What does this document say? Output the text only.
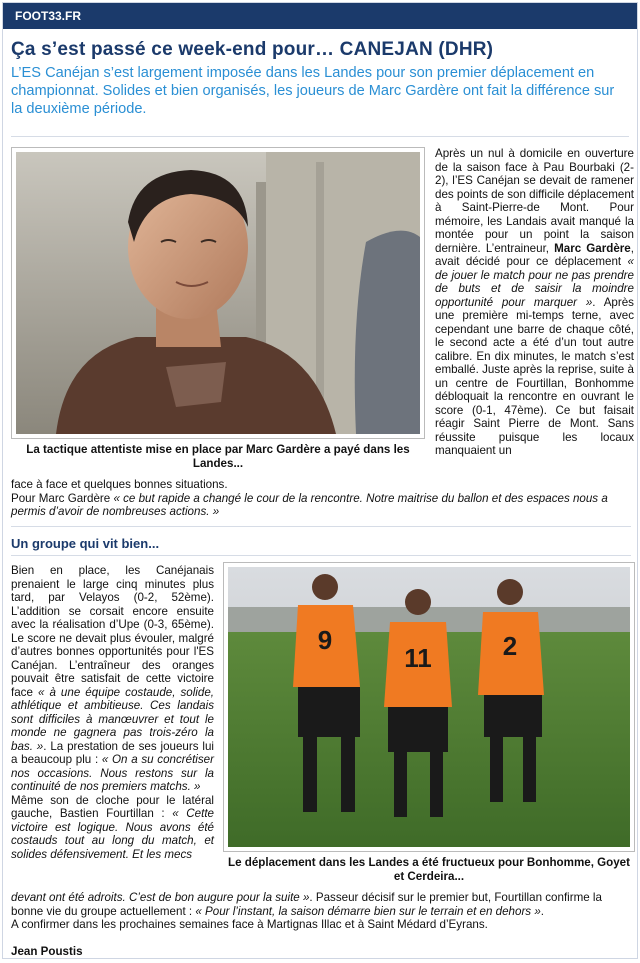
FOOT33.FR
Ça s’est passé ce week-end pour… CANEJAN (DHR)
L’ES Canéjan s’est largement imposée dans les Landes pour son premier déplacement en championnat. Solides et bien organisés, les joueurs de Marc Gardère ont fait la différence sur la deuxième période.
La tactique attentiste mise en place par Marc Gardère a payé dans les Landes...
Après un nul à domicile en ouverture de la saison face à Pau Bourbaki (2-2), l’ES Canéjan se devait de ramener des points de son difficile déplacement à Saint-Pierre-de Mont. Pour mémoire, les Landais avait manqué la montée pour un point la saison dernière. L’entraineur, Marc Gardère, avait décidé pour ce déplacement « de jouer le match pour ne pas prendre de buts et de saisir la moindre opportunité pour marquer ». Après une première mi-temps terne, avec cependant une barre de chaque côté, le second acte a été d’un tout autre calibre. En dix minutes, le match s’est emballé. Juste après la reprise, suite à un centre de Fourtillan, Bonhomme débloquait la rencontre en ouvrant le score (0-1, 47ème). Ce but faisait réagir Saint Pierre de Mont. Sans réussite puisque les locaux manquaient un
face à face et quelques bonnes situations.
Pour Marc Gardère « ce but rapide a changé le cour de la rencontre. Notre maitrise du ballon et des espaces nous a permis d’avoir de nombreuses actions. »
Un groupe qui vit bien...
Bien en place, les Canéjanais prenaient le large cinq minutes plus tard, par Velayos (0-2, 52ème). L’addition se corsait encore ensuite avec la réalisation d’Upe (0-3, 65ème). Le score ne devait plus évouler, malgré d’autres bonnes opportunités pour l'ES Canéjan. L’entraîneur des oranges pouvait être satisfait de cette victoire face « à une équipe costaude, solide, athlétique et ambitieuse. Ces landais sont difficiles à manœuvrer et tout le monde ne gagnera pas trois-zéro la bas. ». La prestation de ses joueurs lui a beaucoup plu : « On a su concrétiser nos occasions. Nous restons sur la continuité de nos premiers matchs. »
Même son de cloche pour le latéral gauche, Bastien Fourtillan : « Cette victoire est logique. Nous avons été costauds tout au long du match, et solides défensivement. Et les mecs
9
11	2
Le déplacement dans les Landes a été fructueux pour Bonhomme, Goyet et Cerdeira...
devant ont été adroits. C’est de bon augure pour la suite ». Passeur décisif sur le premier but, Fourtillan confirme la bonne vie du groupe actuellement : « Pour l’instant, la saison démarre bien sur le terrain et en dehors ».
A confirmer dans les prochaines semaines face à Martignas Illac et à Saint Médard d’Eyrans.
Jean Poustis
